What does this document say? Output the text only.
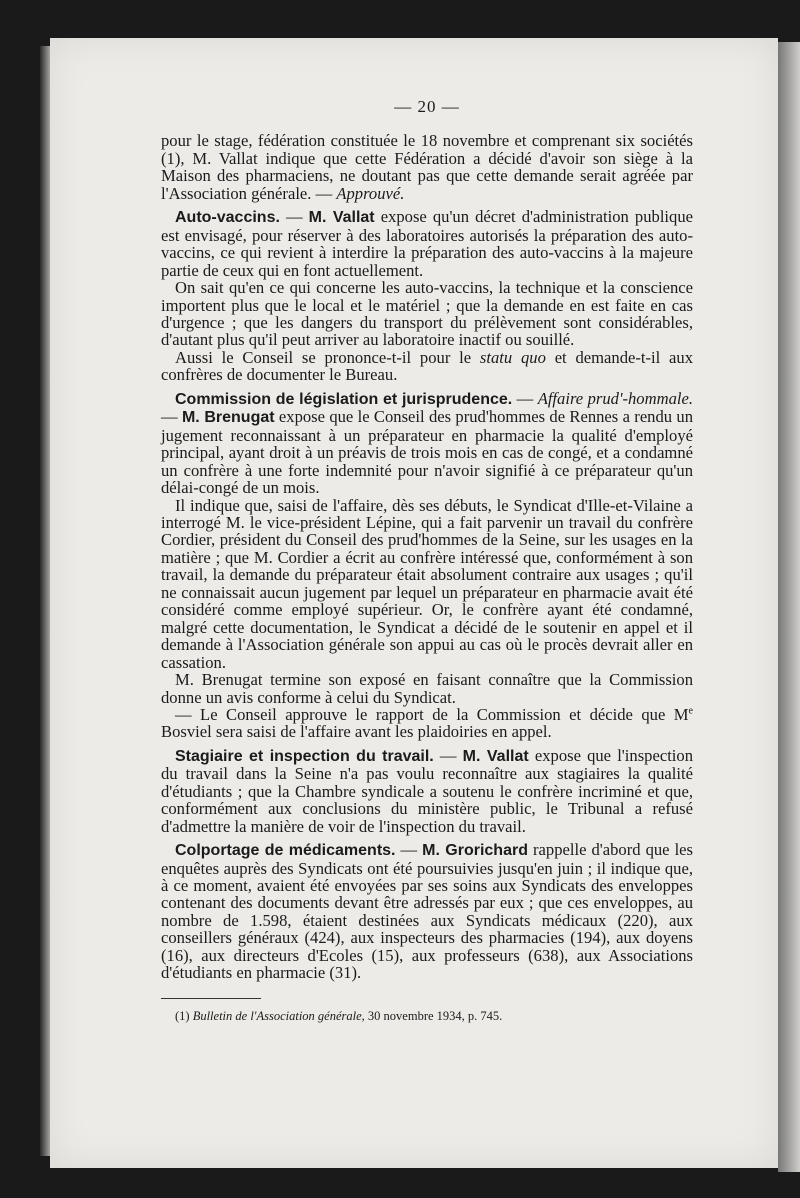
— 20 —

pour le stage, fédération constituée le 18 novembre et comprenant six sociétés (1), M. Vallat indique que cette Fédération a décidé d'avoir son siège à la Maison des pharmaciens, ne doutant pas que cette demande serait agréée par l'Association générale. — Approuvé.

Auto-vaccins. — M. Vallat expose qu'un décret d'administration publique est envisagé, pour réserver à des laboratoires autorisés la préparation des auto-vaccins, ce qui revient à interdire la préparation des auto-vaccins à la majeure partie de ceux qui en font actuellement.

On sait qu'en ce qui concerne les auto-vaccins, la technique et la conscience importent plus que le local et le matériel ; que la demande en est faite en cas d'urgence ; que les dangers du transport du prélèvement sont considérables, d'autant plus qu'il peut arriver au laboratoire inactif ou souillé.

Aussi le Conseil se prononce-t-il pour le statu quo et demande-t-il aux confrères de documenter le Bureau.

Commission de législation et jurisprudence. — Affaire prud'-hommale. — M. Brenugat expose que le Conseil des prud'hommes de Rennes a rendu un jugement reconnaissant à un préparateur en pharmacie la qualité d'employé principal, ayant droit à un préavis de trois mois en cas de congé, et a condamné un confrère à une forte indemnité pour n'avoir signifié à ce préparateur qu'un délai-congé de un mois.

Il indique que, saisi de l'affaire, dès ses débuts, le Syndicat d'Ille-et-Vilaine a interrogé M. le vice-président Lépine, qui a fait parvenir un travail du confrère Cordier, président du Conseil des prud'hommes de la Seine, sur les usages en la matière ; que M. Cordier a écrit au confrère intéressé que, conformément à son travail, la demande du préparateur était absolument contraire aux usages ; qu'il ne connaissait aucun jugement par lequel un préparateur en pharmacie avait été considéré comme employé supérieur. Or, le confrère ayant été condamné, malgré cette documentation, le Syndicat a décidé de le soutenir en appel et il demande à l'Association générale son appui au cas où le procès devrait aller en cassation.

M. Brenugat termine son exposé en faisant connaître que la Commission donne un avis conforme à celui du Syndicat.

— Le Conseil approuve le rapport de la Commission et décide que Me Bosviel sera saisi de l'affaire avant les plaidoiries en appel.

Stagiaire et inspection du travail. — M. Vallat expose que l'inspection du travail dans la Seine n'a pas voulu reconnaître aux stagiaires la qualité d'étudiants ; que la Chambre syndicale a soutenu le confrère incriminé et que, conformément aux conclusions du ministère public, le Tribunal a refusé d'admettre la manière de voir de l'inspection du travail.

Colportage de médicaments. — M. Grorichard rappelle d'abord que les enquêtes auprès des Syndicats ont été poursuivies jusqu'en juin ; il indique que, à ce moment, avaient été envoyées par ses soins aux Syndicats des enveloppes contenant des documents devant être adressés par eux ; que ces enveloppes, au nombre de 1.598, étaient destinées aux Syndicats médicaux (220), aux conseillers généraux (424), aux inspecteurs des pharmacies (194), aux doyens (16), aux directeurs d'Ecoles (15), aux professeurs (638), aux Associations d'étudiants en pharmacie (31).

(1) Bulletin de l'Association générale, 30 novembre 1934, p. 745.
